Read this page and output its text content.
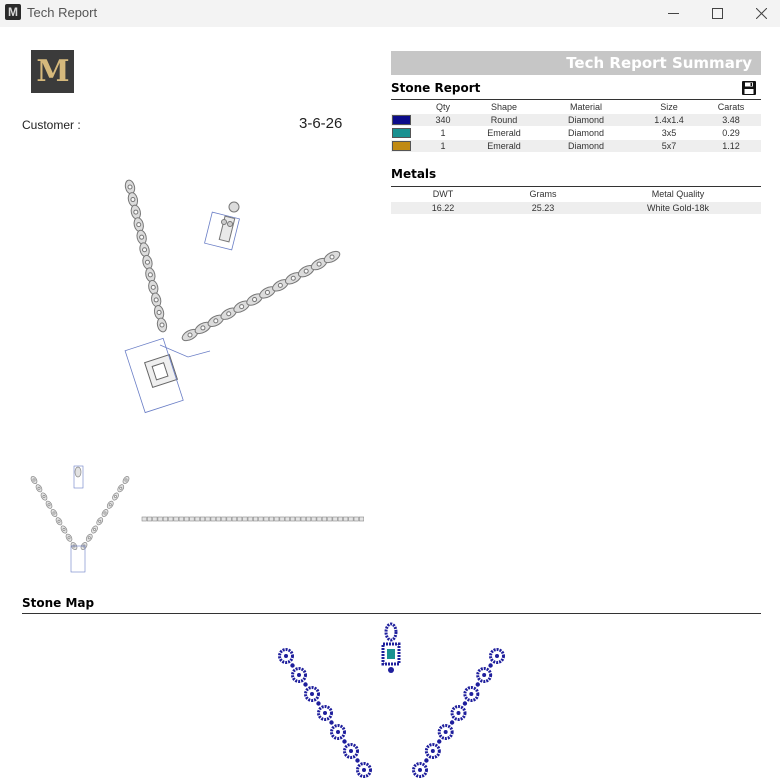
M Tech Report
M
Customer :	3-6-26
Tech Report Summary
Stone Report
Qty	Shape	Material	Size	Carats
340	Round	Diamond	1.4x1.4	3.48
1	Emerald	Diamond	3x5	0.29
1	Emerald	Diamond	5x7	1.12
Metals
DWT	Grams	Metal Quality
16.22	25.23	White Gold-18k
Stone Map
